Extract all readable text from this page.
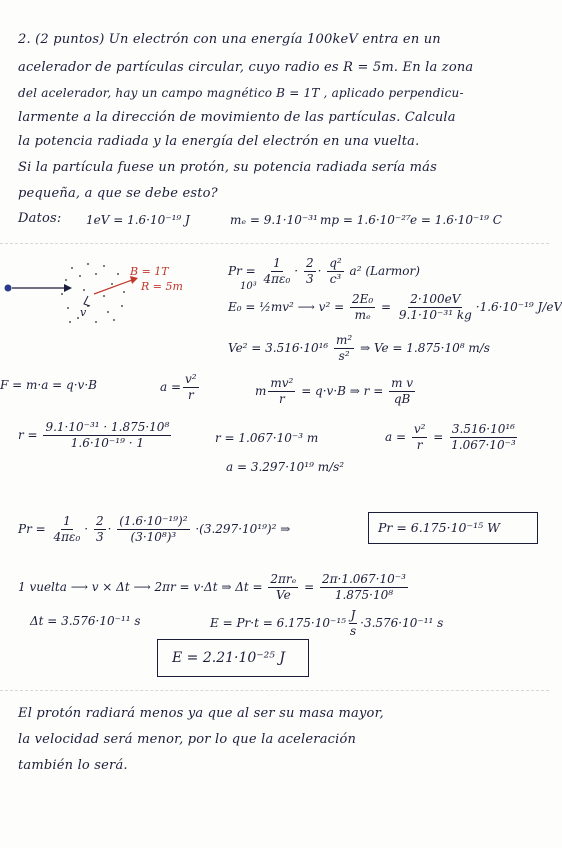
2. (2 puntos) Un electrón con una energía 100keV entra en un
acelerador de partículas circular, cuyo radio es R = 5m. En la zona
del acelerador, hay un campo magnético B = 1T , aplicado perpendicu-
larmente a la dirección de movimiento de las partículas. Calcula
la potencia radiada y la energía del electrón en una vuelta.
Si la partícula fuese un protón, su potencia radiada sería más
pequeña, a que se debe esto?
Datos: 1eV = 1.6·10⁻¹⁹ J	mₑ = 9.1·10⁻³¹ mp = 1.6·10⁻²⁷ e = 1.6·10⁻¹⁹ C
v
B = 1T
R = 5m
$Pr = \frac{1}{\text{4πε₀}} \cdot \frac{2}{3} \cdot \frac{\text{q²}}{\text{c³}} a^2$ (Larmor)
10³
E₀ = ½mv² ⟶ $v^2 = \frac{\text{2E₀}}{\text{mₑ}} = \frac{2\cdot 100eV}{\text{9.1·10⁻³¹ kg}} \cdot 1.6\cdot 10^{-19}$ J/eV
$Ve^2 = 3.516\cdot 10^{16} \frac{\text{m²}}{\text{s²}}$ ⇒ Ve = 1.875·10⁸ m/s
F = m·a = q·v·B	$a = \frac{\text{v²}}{r}$	m $\frac{\text{mv²}}{r} = q\cdot v\cdot B$ ⇒ $r = \frac{\text{m v}}{qB}$
$r = \frac{\text{9.1·10⁻³¹ · 1.875·10⁸}}{\text{1.6·10⁻¹⁹ · 1}}$	r = 1.067·10⁻³ m	$a = \frac{\text{v²}}{r} = \frac{\text{3.516·10¹⁶}}{\text{1.067·10⁻³}}$
a = 3.297·10¹⁹ m/s²
$Pr = \frac{1}{\text{4πε₀}} \cdot \frac{2}{3} \cdot \frac{\text{(1.6·10⁻¹⁹)²}}{\text{(3·10⁸)³}} \cdot(3.297\cdot 10^{19})^2$ ⇒	Pr = 6.175·10⁻¹⁵ W
1 vuelta ⟶ v × Δt ⟶ 2πr = v·Δt ⇒ $\Delta t = \frac{\text{2πrₑ}}{Ve} = \frac{\text{2π·1.067·10⁻³}}{\text{1.875·10⁸}}$
Δt = 3.576·10⁻¹¹ s	$E = Pr\cdot t = 6.175\cdot 10^{-15} \frac{J}{s} \cdot 3.576\cdot 10^{-11}$ s
E = 2.21·10⁻²⁵ J
El protón radiará menos ya que al ser su masa mayor,
la velocidad será menor, por lo que la aceleración
también lo será.
